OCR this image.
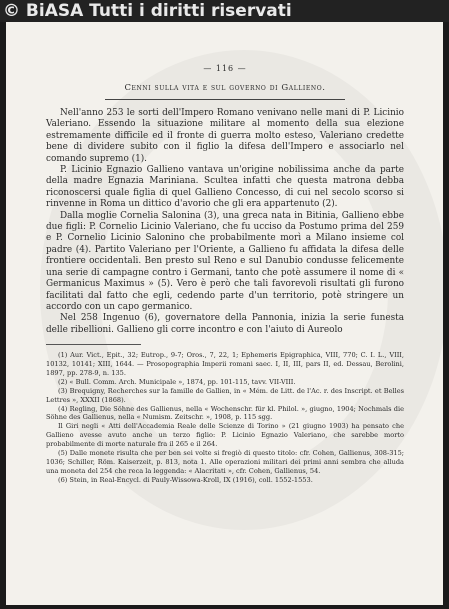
© BiASA Tutti i diritti riservati
— 116 —
Cenni sulla vita e sul governo di Gallieno.

Nell'anno 253 le sorti dell'Impero Romano venivano nelle mani di P. Licinio Valeriano. Essendo la situazione militare al momento della sua elezione estremamente difficile ed il fronte di guerra molto esteso, Valeriano credette bene di dividere subito con il figlio la difesa dell'Impero e associarlo nel comando supremo (1).

P. Licinio Egnazio Gallieno vantava un'origine nobilissima anche da parte della madre Egnazia Mariniana. Scultea infatti che questa matrona debba riconoscersi quale figlia di quel Gallieno Concesso, di cui nel secolo scorso si rinvenne in Roma un dittico d'avorio che gli era appartenuto (2).

Dalla moglie Cornelia Salonina (3), una greca nata in Bitinia, Gallieno ebbe due figli: P. Cornelio Licinio Valeriano, che fu ucciso da Postumo prima del 259 e P. Cornelio Licinio Salonino che probabilmente morì a Milano insieme col padre (4). Partito Valeriano per l'Oriente, a Gallieno fu affidata la difesa delle frontiere occidentali. Ben presto sul Reno e sul Danubio condusse felicemente una serie di campagne contro i Germani, tanto che potè assumere il nome di « Germanicus Maximus » (5). Vero è però che tali favorevoli risultati gli furono facilitati dal fatto che egli, cedendo parte d'un territorio, potè stringere un accordo con un capo germanico.

Nel 258 Ingenuo (6), governatore della Pannonia, inizia la serie funesta delle ribellioni. Gallieno gli corre incontro e con l'aiuto di Aureolo

(1) Aur. Vict., Epit., 32; Eutrop., 9-7; Oros., 7, 22, 1; Ephemeris Epigraphica, VIII, 770; C. I. L., VIII, 10132, 10141; XIII, 1644. — Prosopographia Imperii romani saec. I, II, III, pars II, ed. Dessau, Berolini, 1897, pp. 278-9, n. 135.

(2) « Bull. Comm. Arch. Municipale », 1874, pp. 101-115, tavv. VII-VIII.

(3) Brequigny, Recherches sur la famille de Gallien, in « Mém. de Litt. de l'Ac. r. des Inscript. et Belles Lettres », XXXII (1868).

(4) Regling, Die Söhne des Gallienus, nella « Wochenschr. für kl. Philol. », giugno, 1904; Nochmals die Söhne des Gallienus, nella « Numism. Zeitschr. », 1908, p. 115 sgg.

Il Giri negli « Atti dell'Accademia Reale delle Scienze di Torino » (21 giugno 1903) ha pensato che Gallieno avesse avuto anche un terzo figlio: P. Licinio Egnazio Valeriano, che sarebbe morto probabilmente di morte naturale fra il 265 e il 264.

(5) Dalle monete risulta che per ben sei volte si fregiò di questo titolo: cfr. Cohen, Gallienus, 308-315; 1036; Schiller, Röm. Kaiserzeit, p. 813, nota 1. Alle operazioni militari dei primi anni sembra che alluda una moneta del 254 che reca la leggenda: « Alacritati », cfr. Cohen, Gallienus, 54.

(6) Stein, in Real-Encycl. di Pauly-Wissowa-Kroll, IX (1916), coll. 1552-1553.
